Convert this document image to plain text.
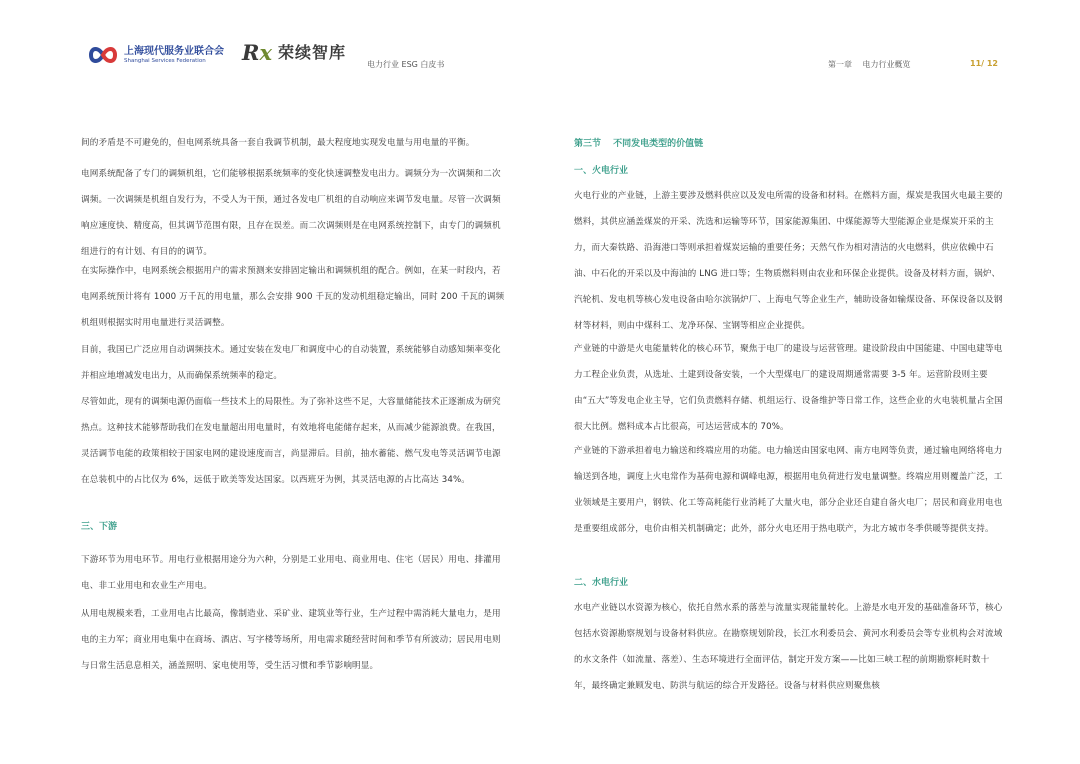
上海现代服务业联合会
Shanghai Services Federation	Rx 荣续智库
电力行业 ESG 白皮书	第一章　 电力行业概览	11/ 12

间的矛盾是不可避免的，但电网系统具备一套自我调节机制，最大程度地实现发电量与用电量的平衡。

电网系统配备了专门的调频机组，它们能够根据系统频率的变化快速调整发电出力。调频分为一次调频和二次调频。一次调频是机组自发行为，不受人为干预，通过各发电厂机组的自动响应来调节发电量。尽管一次调频响应速度快、精度高，但其调节范围有限，且存在误差。而二次调频则是在电网系统控制下，由专门的调频机组进行的有计划、有目的的调节。

在实际操作中，电网系统会根据用户的需求预测来安排固定输出和调频机组的配合。例如，在某一时段内，若电网系统预计将有 1000 万千瓦的用电量，那么会安排 900 千瓦的发动机组稳定输出，同时 200 千瓦的调频机组则根据实时用电量进行灵活调整。

目前，我国已广泛应用自动调频技术。通过安装在发电厂和调度中心的自动装置，系统能够自动感知频率变化并相应地增减发电出力，从而确保系统频率的稳定。

尽管如此，现有的调频电源仍面临一些技术上的局限性。为了弥补这些不足，大容量储能技术正逐渐成为研究热点。这种技术能够帮助我们在发电量超出用电量时，有效地将电能储存起来，从而减少能源浪费。在我国，灵活调节电能的政策相较于国家电网的建设速度而言，尚显滞后。目前，抽水蓄能、燃气发电等灵活调节电源在总装机中的占比仅为 6%，远低于欧美等发达国家。以西班牙为例，其灵活电源的占比高达 34%。

三、下游

下游环节为用电环节。用电行业根据用途分为六种，分别是工业用电、商业用电、住宅（居民）用电、排灌用电、非工业用电和农业生产用电。

从用电规模来看，工业用电占比最高，像制造业、采矿业、建筑业等行业，生产过程中需消耗大量电力，是用电的主力军；商业用电集中在商场、酒店、写字楼等场所，用电需求随经营时间和季节有所波动；居民用电则与日常生活息息相关，涵盖照明、家电使用等，受生活习惯和季节影响明显。

第三节　 不同发电类型的价值链
一、火电行业

火电行业的产业链，上游主要涉及燃料供应以及发电所需的设备和材料。在燃料方面，煤炭是我国火电最主要的燃料，其供应涵盖煤炭的开采、洗选和运输等环节，国家能源集团、中煤能源等大型能源企业是煤炭开采的主力，而大秦铁路、沿海港口等则承担着煤炭运输的重要任务；天然气作为相对清洁的火电燃料，供应依赖中石油、中石化的开采以及中海油的 LNG 进口等；生物质燃料则由农业和环保企业提供。设备及材料方面，锅炉、汽轮机、发电机等核心发电设备由哈尔滨锅炉厂、上海电气等企业生产，辅助设备如输煤设备、环保设备以及钢材等材料，则由中煤科工、龙净环保、宝钢等相应企业提供。

产业链的中游是火电能量转化的核心环节，聚焦于电厂的建设与运营管理。建设阶段由中国能建、中国电建等电力工程企业负责，从选址、土建到设备安装，一个大型煤电厂的建设周期通常需要 3-5 年。运营阶段则主要由“五大”等发电企业主导，它们负责燃料存储、机组运行、设备维护等日常工作，这些企业的火电装机量占全国很大比例。燃料成本占比很高，可达运营成本的 70%。

产业链的下游承担着电力输送和终端应用的功能。电力输送由国家电网、南方电网等负责，通过输电网络将电力输送到各地，调度上火电常作为基荷电源和调峰电源，根据用电负荷进行发电量调整。终端应用则覆盖广泛，工业领域是主要用户，钢铁、化工等高耗能行业消耗了大量火电，部分企业还自建自备火电厂；居民和商业用电也是重要组成部分，电价由相关机制确定；此外，部分火电还用于热电联产，为北方城市冬季供暖等提供支持。

二、水电行业

水电产业链以水资源为核心，依托自然水系的落差与流量实现能量转化。上游是水电开发的基础准备环节，核心包括水资源勘察规划与设备材料供应。在勘察规划阶段，长江水利委员会、黄河水利委员会等专业机构会对流域的水文条件（如流量、落差）、生态环境进行全面评估，制定开发方案——比如三峡工程的前期勘察耗时数十年，最终确定兼顾发电、防洪与航运的综合开发路径。设备与材料供应则聚焦核
